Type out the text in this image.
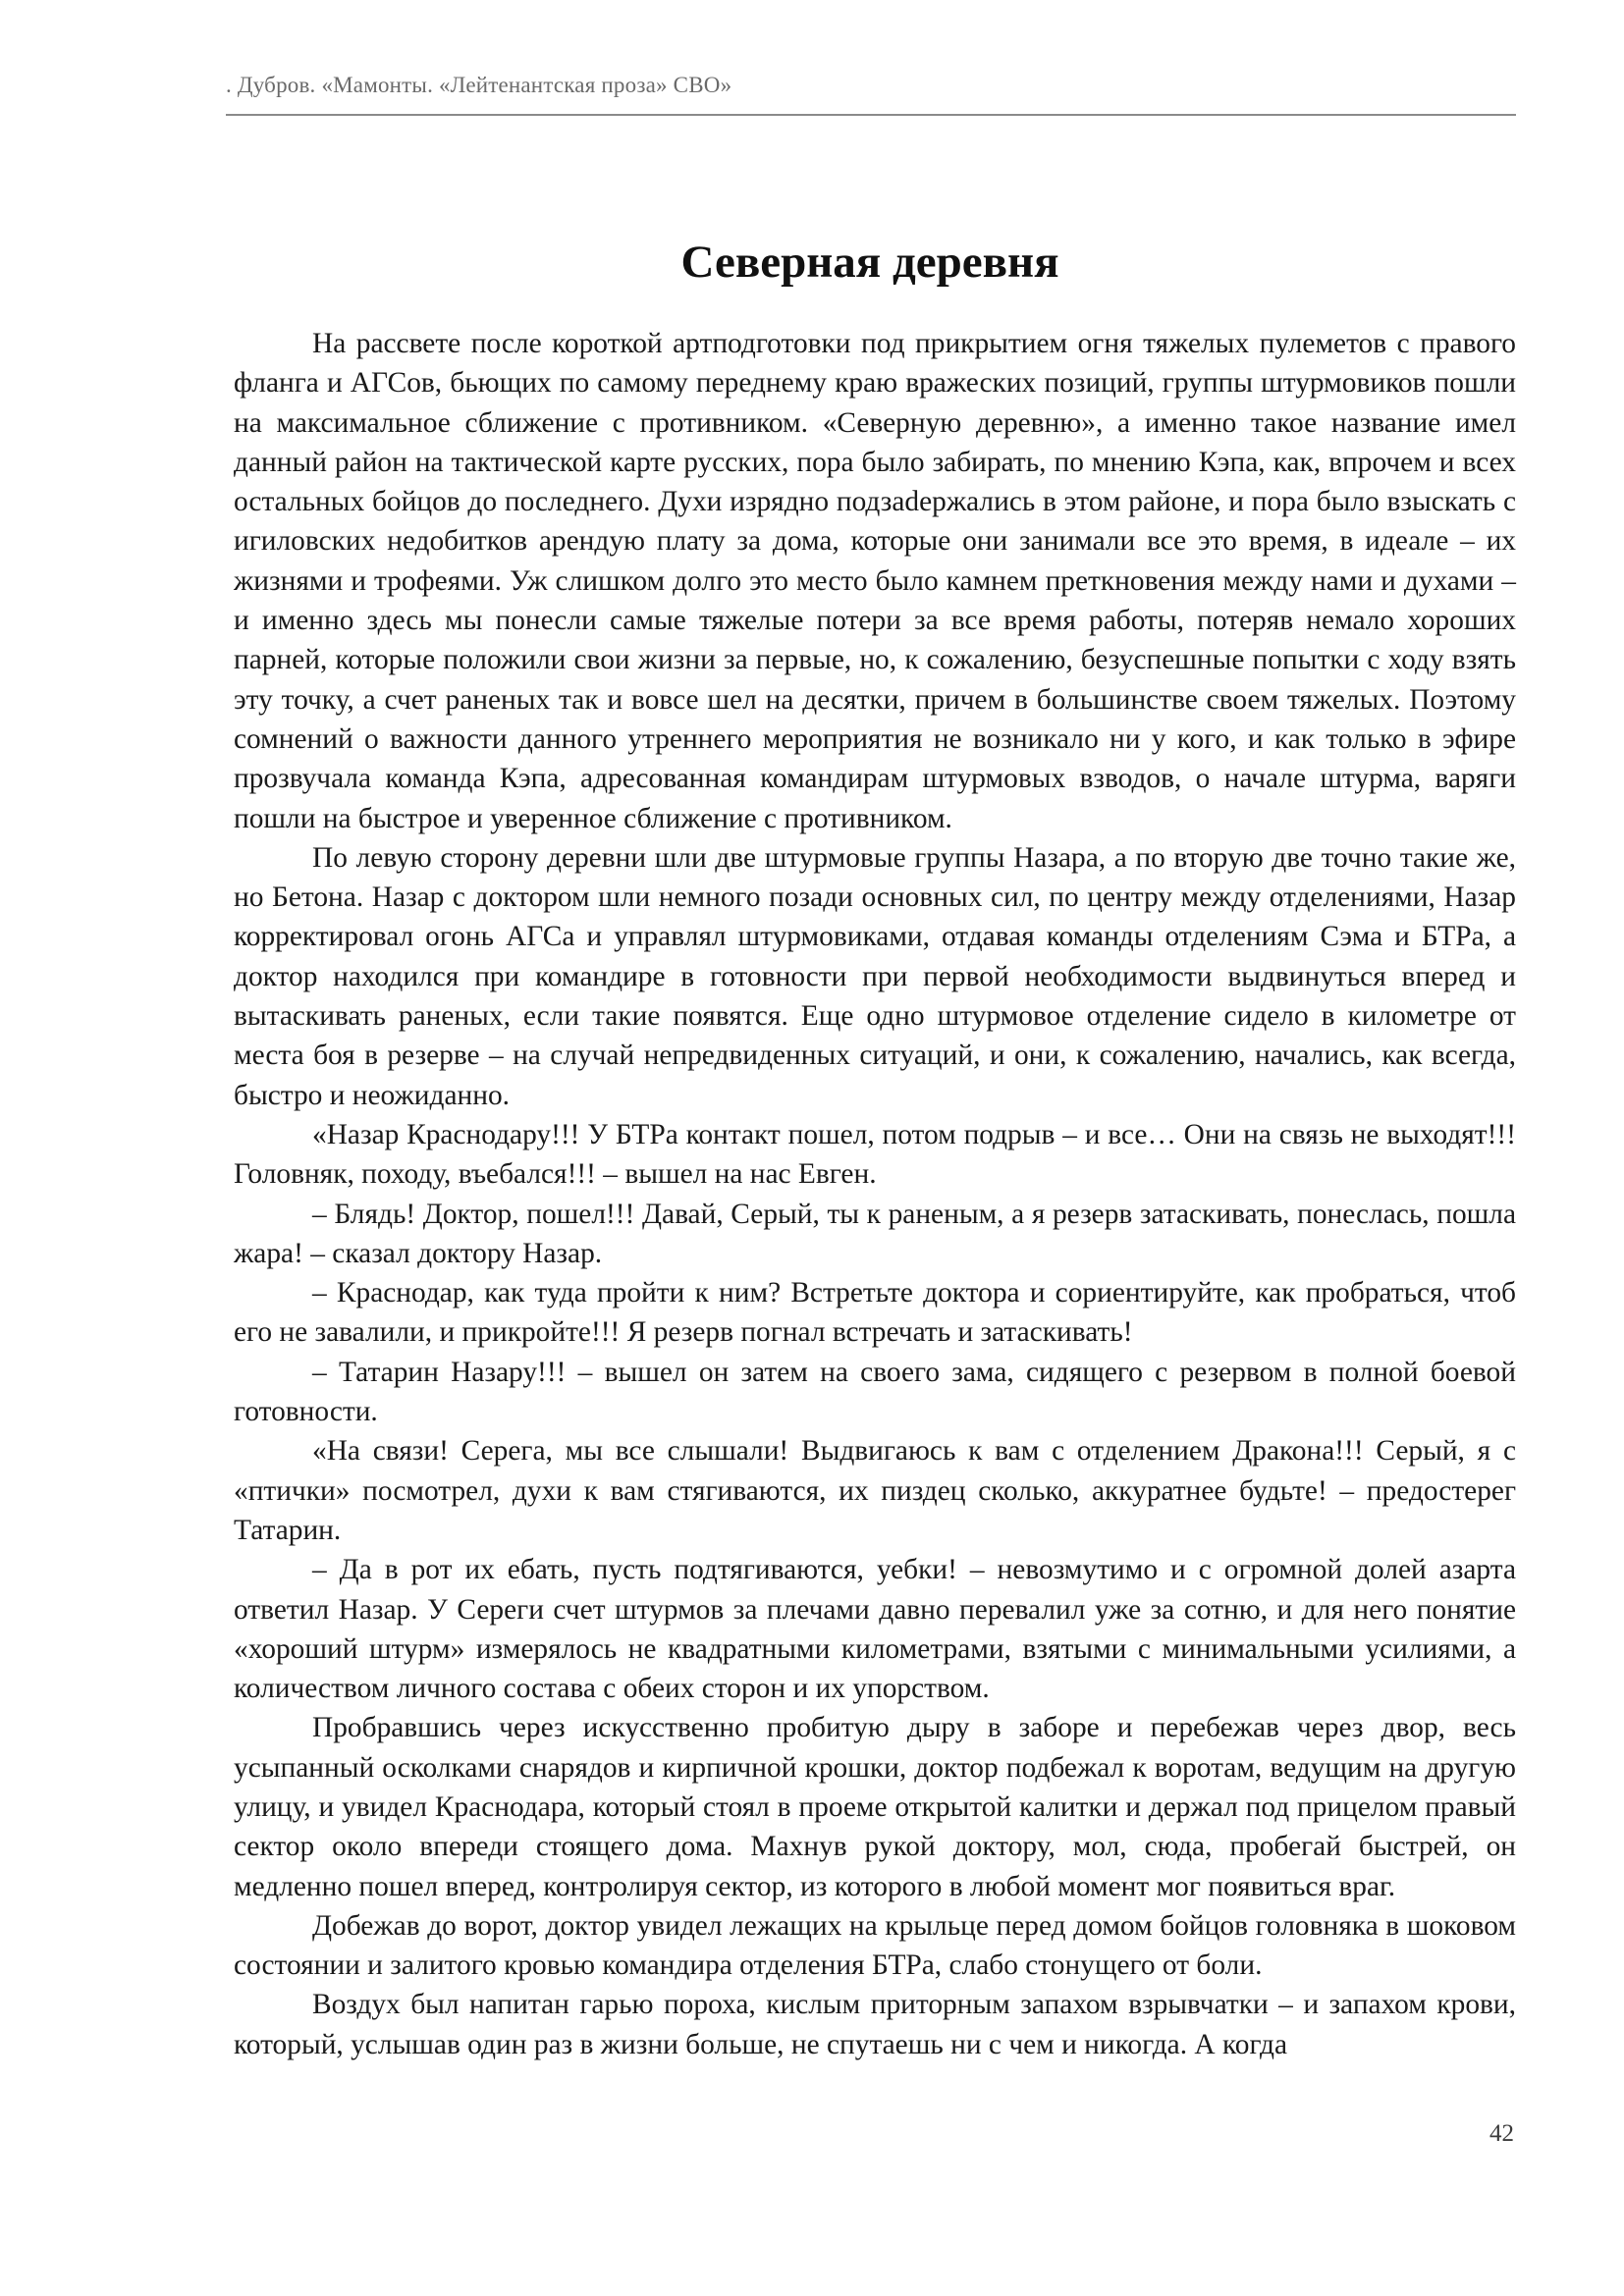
. Дубров. «Мамонты. «Лейтенантская проза» СВО»
Северная деревня

На рассвете после короткой артподготовки под прикрытием огня тяжелых пулеметов с правого фланга и АГСов, бьющих по самому переднему краю вражеских позиций, группы штурмовиков пошли на максимальное сближение с противником. «Северную деревню», а именно такое название имел данный район на тактической карте русских, пора было забирать, по мнению Кэпа, как, впрочем и всех остальных бойцов до последнего. Духи изрядно подзаdержались в этом районе, и пора было взыскать с игиловских недобитков арендую плату за дома, которые они занимали все это время, в идеале – их жизнями и трофеями. Уж слишком долго это место было камнем преткновения между нами и духами – и именно здесь мы понесли самые тяжелые потери за все время работы, потеряв немало хороших парней, которые положили свои жизни за первые, но, к сожалению, безуспешные попытки с ходу взять эту точку, а счет раненых так и вовсе шел на десятки, причем в большинстве своем тяжелых. Поэтому сомнений о важности данного утреннего мероприятия не возникало ни у кого, и как только в эфире прозвучала команда Кэпа, адресованная командирам штурмовых взводов, о начале штурма, варяги пошли на быстрое и уверенное сближение с противником.

По левую сторону деревни шли две штурмовые группы Назара, а по вторую две точно такие же, но Бетона. Назар с доктором шли немного позади основных сил, по центру между отделениями, Назар корректировал огонь АГСа и управлял штурмовиками, отдавая команды отделениям Сэма и БТРа, а доктор находился при командире в готовности при первой необходимости выдвинуться вперед и вытаскивать раненых, если такие появятся. Еще одно штурмовое отделение сидело в километре от места боя в резерве – на случай непредвиденных ситуаций, и они, к сожалению, начались, как всегда, быстро и неожиданно.

«Назар Краснодару!!! У БТРа контакт пошел, потом подрыв – и все… Они на связь не выходят!!! Головняк, походу, въебался!!! – вышел на нас Евген.

– Блядь! Доктор, пошел!!! Давай, Серый, ты к раненым, а я резерв затаскивать, понеслась, пошла жара! – сказал доктору Назар.

– Краснодар, как туда пройти к ним? Встретьте доктора и сориентируйте, как пробраться, чтоб его не завалили, и прикройте!!! Я резерв погнал встречать и затаскивать!

– Татарин Назару!!! – вышел он затем на своего зама, сидящего с резервом в полной боевой готовности.

«На связи! Серега, мы все слышали! Выдвигаюсь к вам с отделением Дракона!!! Серый, я с «птички» посмотрел, духи к вам стягиваются, их пиздец сколько, аккуратнее будьте! – предостерег Татарин.

– Да в рот их ебать, пусть подтягиваются, уебки! – невозмутимо и с огромной долей азарта ответил Назар. У Сереги счет штурмов за плечами давно перевалил уже за сотню, и для него понятие «хороший штурм» измерялось не квадратными километрами, взятыми с минимальными усилиями, а количеством личного состава с обеих сторон и их упорством.

Пробравшись через искусственно пробитую дыру в заборе и перебежав через двор, весь усыпанный осколками снарядов и кирпичной крошки, доктор подбежал к воротам, ведущим на другую улицу, и увидел Краснодара, который стоял в проеме открытой калитки и держал под прицелом правый сектор около впереди стоящего дома. Махнув рукой доктору, мол, сюда, пробегай быстрей, он медленно пошел вперед, контролируя сектор, из которого в любой момент мог появиться враг.

Добежав до ворот, доктор увидел лежащих на крыльце перед домом бойцов головняка в шоковом состоянии и залитого кровью командира отделения БТРа, слабо стонущего от боли.

Воздух был напитан гарью пороха, кислым приторным запахом взрывчатки – и запахом крови, который, услышав один раз в жизни больше, не спутаешь ни с чем и никогда. А когда

42
